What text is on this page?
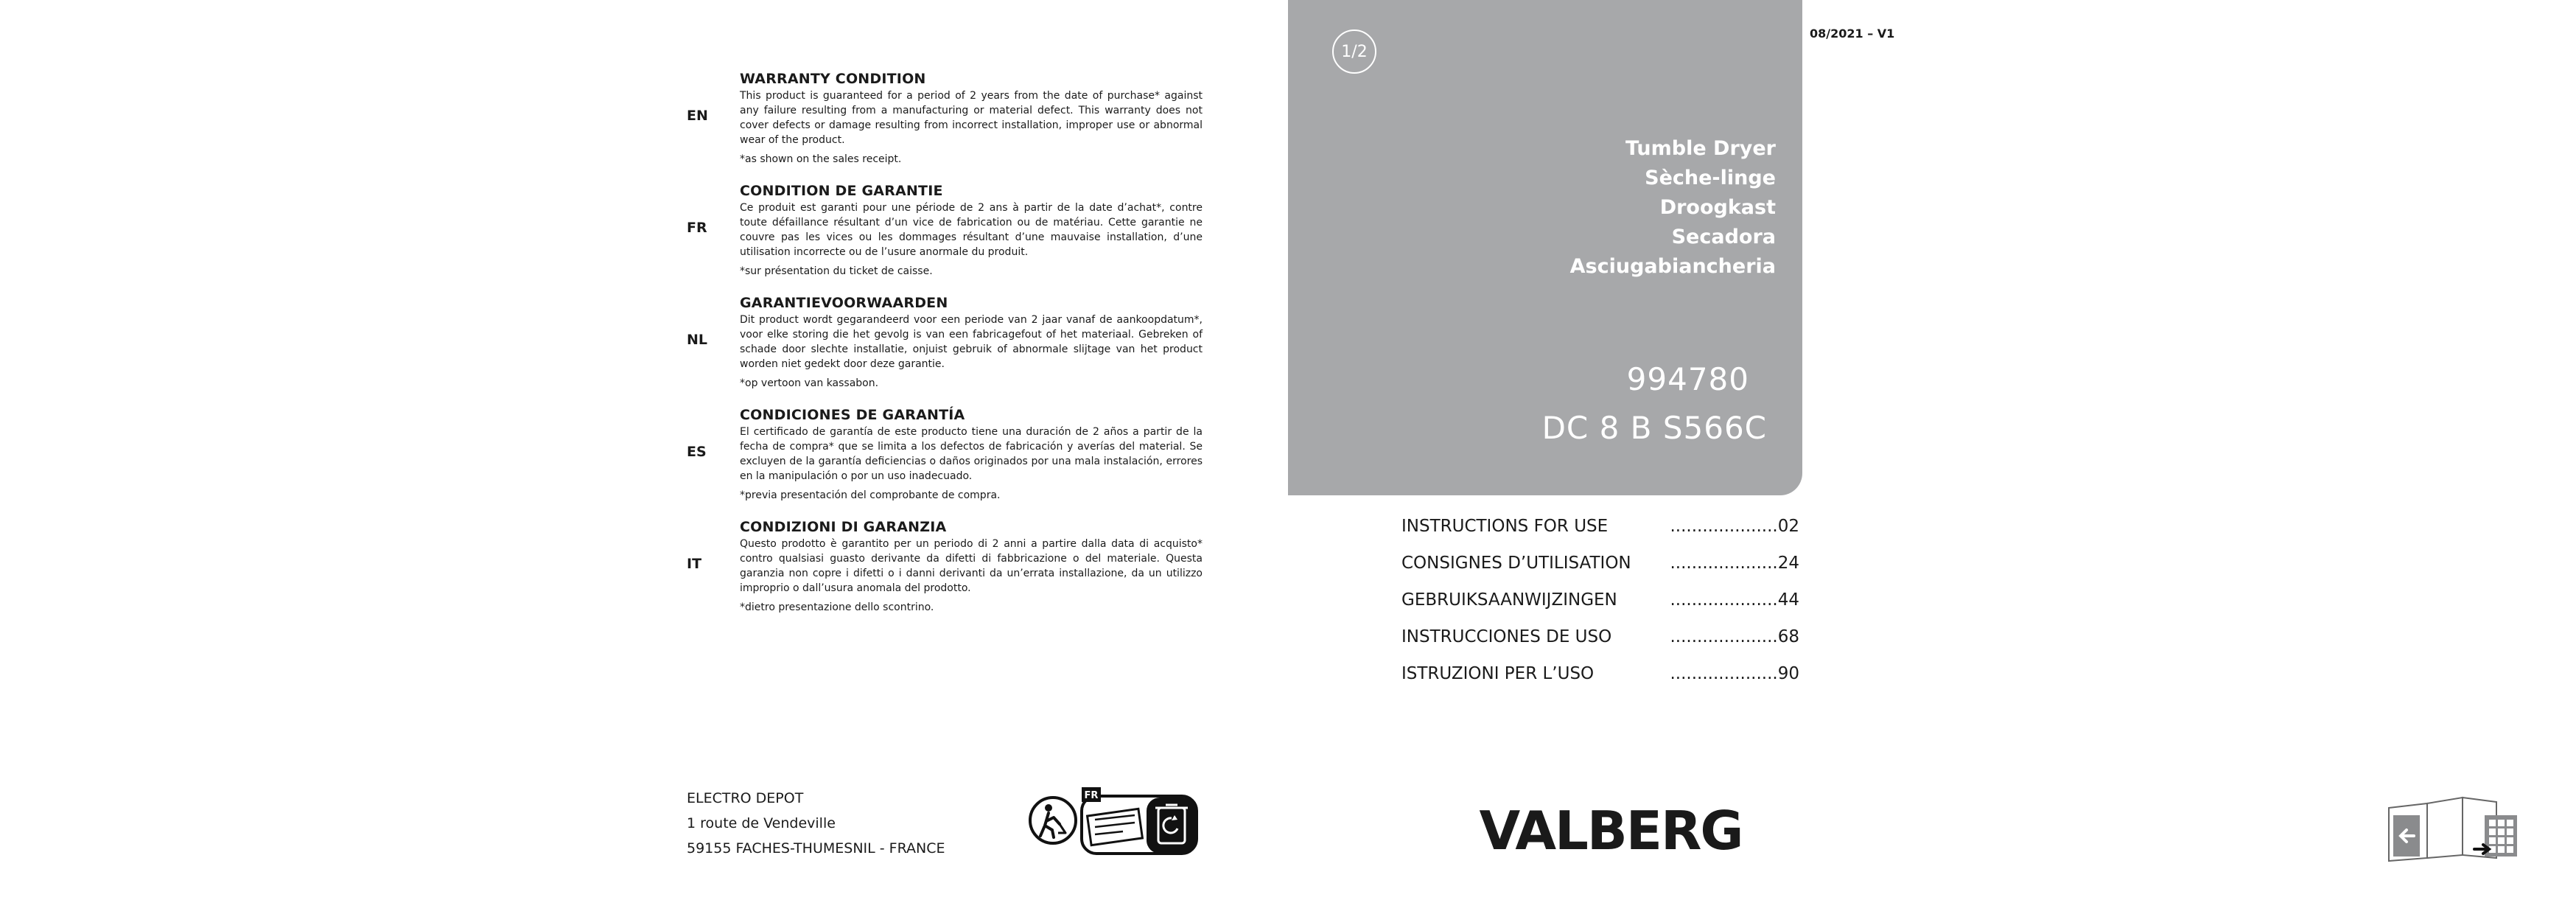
EN
WARRANTY CONDITION
This product is guaranteed for a period of 2 years from the date of purchase* against any failure resulting from a manufacturing or material defect. This warranty does not cover defects or damage resulting from incorrect installation, improper use or abnormal wear of the product.
*as shown on the sales receipt.
FR
CONDITION DE GARANTIE
Ce produit est garanti pour une période de 2 ans à partir de la date d’achat*, contre toute défaillance résultant d’un vice de fabrication ou de matériau. Cette garantie ne couvre pas les vices ou les dommages résultant d’une mauvaise installation, d’une utilisation incorrecte ou de l’usure anormale du produit.
*sur présentation du ticket de caisse.
NL
GARANTIEVOORWAARDEN
Dit product wordt gegarandeerd voor een periode van 2 jaar vanaf de aankoopdatum*, voor elke storing die het gevolg is van een fabricagefout of het materiaal. Gebreken of schade door slechte installatie, onjuist gebruik of abnormale slijtage van het product worden niet gedekt door deze garantie.
*op vertoon van kassabon.
ES
CONDICIONES DE GARANTÍA
El certificado de garantía de este producto tiene una duración de 2 años a partir de la fecha de compra* que se limita a los defectos de fabricación y averías del material. Se excluyen de la garantía deficiencias o daños originados por una mala instalación, errores en la manipulación o por un uso inadecuado.
*previa presentación del comprobante de compra.
IT
CONDIZIONI DI GARANZIA
Questo prodotto è garantito per un periodo di 2 anni a partire dalla data di acquisto* contro qualsiasi guasto derivante da difetti di fabbricazione o del materiale. Questa garanzia non copre i difetti o i danni derivanti da un’errata installazione, da un utilizzo improprio o dall’usura anomala del prodotto.
*dietro presentazione dello scontrino.
ELECTRO DEPOT
1 route de Vendeville
59155 FACHES-THUMESNIL - FRANCE
FR
1/2
Tumble Dryer
Sèche-linge
Droogkast
Secadora
Asciugabiancheria
994780
DC 8 B S566C
08/2021 – V1
INSTRUCTIONS FOR USE	....................02
CONSIGNES D’UTILISATION ....................24
GEBRUIKSAANWIJZINGEN	....................44
INSTRUCCIONES DE USO	....................68
ISTRUZIONI PER L’USO	....................90
VALBERG
